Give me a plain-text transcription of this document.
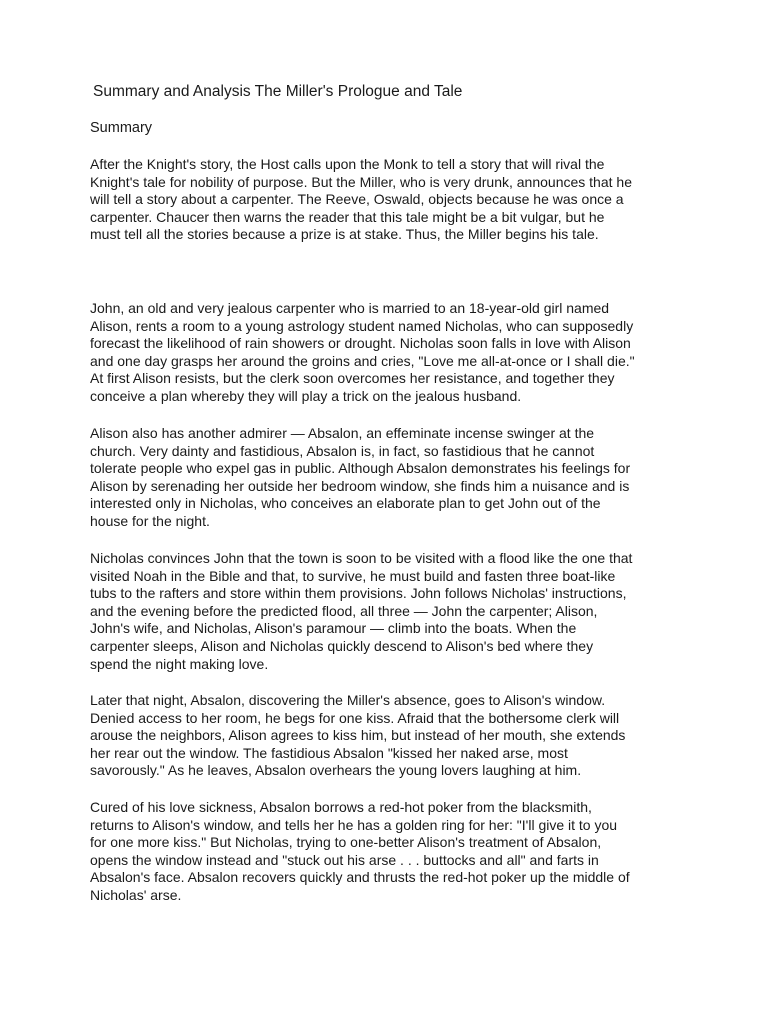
Summary and Analysis The Miller's Prologue and Tale
Summary

After the Knight's story, the Host calls upon the Monk to tell a story that will rival the
Knight's tale for nobility of purpose. But the Miller, who is very drunk, announces that he
will tell a story about a carpenter. The Reeve, Oswald, objects because he was once a
carpenter. Chaucer then warns the reader that this tale might be a bit vulgar, but he
must tell all the stories because a prize is at stake. Thus, the Miller begins his tale.

John, an old and very jealous carpenter who is married to an 18-year-old girl named
Alison, rents a room to a young astrology student named Nicholas, who can supposedly
forecast the likelihood of rain showers or drought. Nicholas soon falls in love with Alison
and one day grasps her around the groins and cries, "Love me all-at-once or I shall die."
At first Alison resists, but the clerk soon overcomes her resistance, and together they
conceive a plan whereby they will play a trick on the jealous husband.

Alison also has another admirer — Absalon, an effeminate incense swinger at the
church. Very dainty and fastidious, Absalon is, in fact, so fastidious that he cannot
tolerate people who expel gas in public. Although Absalon demonstrates his feelings for
Alison by serenading her outside her bedroom window, she finds him a nuisance and is
interested only in Nicholas, who conceives an elaborate plan to get John out of the
house for the night.

Nicholas convinces John that the town is soon to be visited with a flood like the one that
visited Noah in the Bible and that, to survive, he must build and fasten three boat-like
tubs to the rafters and store within them provisions. John follows Nicholas' instructions,
and the evening before the predicted flood, all three — John the carpenter; Alison,
John's wife, and Nicholas, Alison's paramour — climb into the boats. When the
carpenter sleeps, Alison and Nicholas quickly descend to Alison's bed where they
spend the night making love.

Later that night, Absalon, discovering the Miller's absence, goes to Alison's window.
Denied access to her room, he begs for one kiss. Afraid that the bothersome clerk will
arouse the neighbors, Alison agrees to kiss him, but instead of her mouth, she extends
her rear out the window. The fastidious Absalon "kissed her naked arse, most
savorously." As he leaves, Absalon overhears the young lovers laughing at him.

Cured of his love sickness, Absalon borrows a red-hot poker from the blacksmith,
returns to Alison's window, and tells her he has a golden ring for her: "I'll give it to you
for one more kiss." But Nicholas, trying to one-better Alison's treatment of Absalon,
opens the window instead and "stuck out his arse . . . buttocks and all" and farts in
Absalon's face. Absalon recovers quickly and thrusts the red-hot poker up the middle of
Nicholas' arse.
